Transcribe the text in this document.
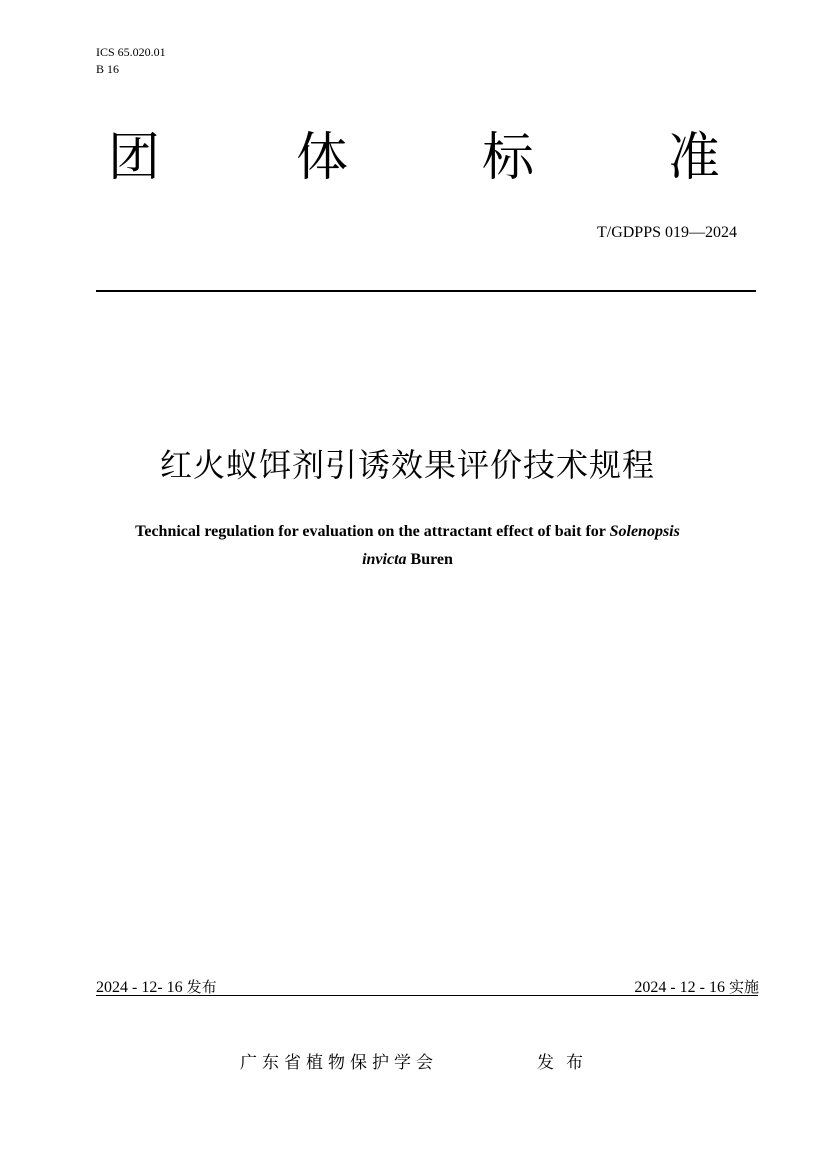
ICS 65.020.01
B 16
团	体	标	准
T/GDPPS 019—2024
红火蚁饵剂引诱效果评价技术规程
Technical regulation for evaluation on the attractant effect of bait for Solenopsis
invicta Buren
2024 - 12- 16 发布	2024 - 12 - 16 实施
广东省植物保护学会	发布
